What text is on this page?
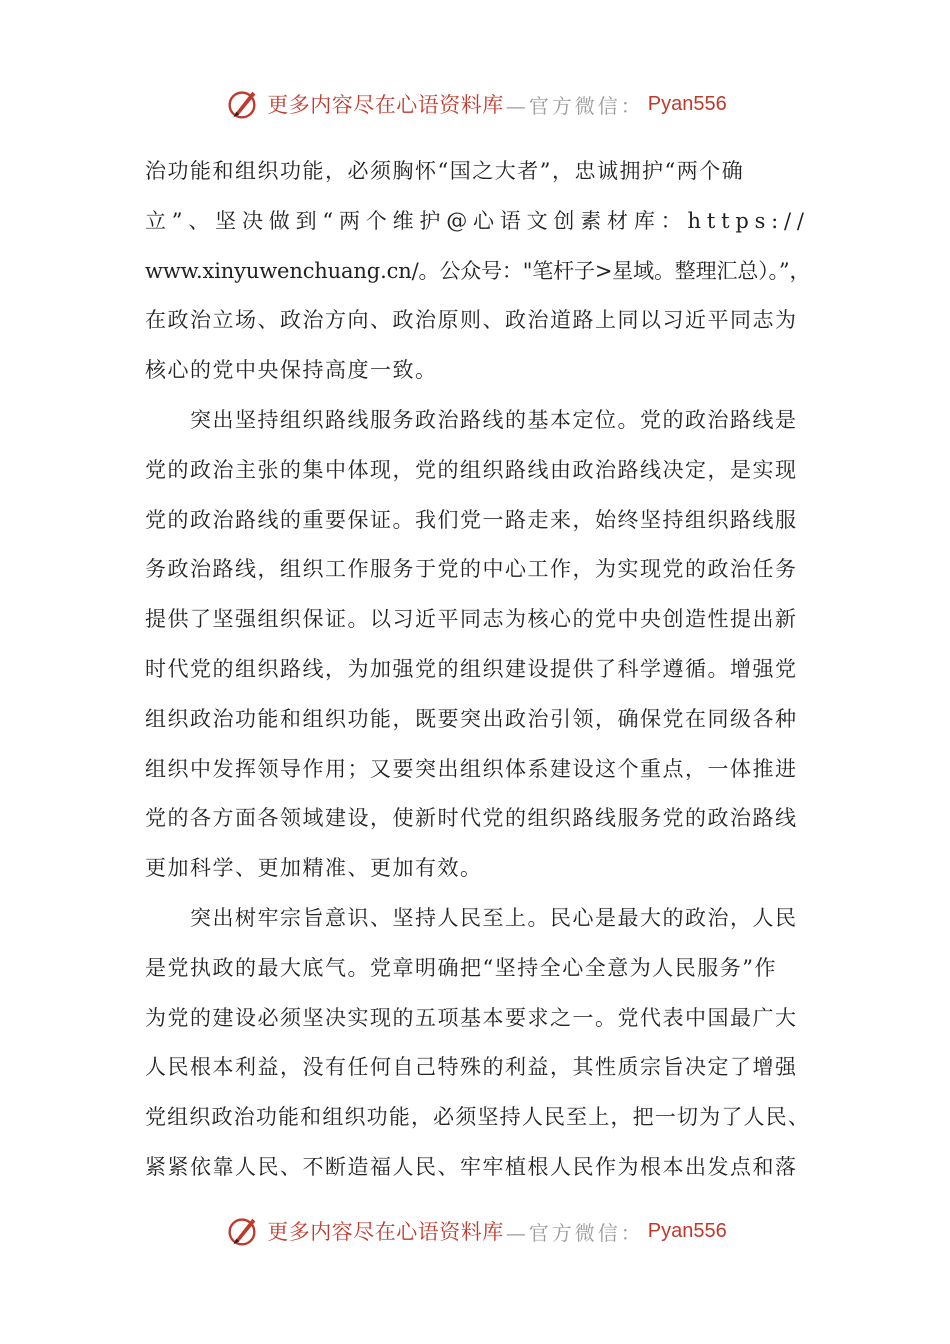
更多内容尽在心语资料库 —官方微信： Pyan556
治功能和组织功能，必须胸怀“国之大者”，忠诚拥护“两个确
立”、坚决做到“两个维护@心语文创素材库：https://
www.xinyuwenchuang.cn/。公众号："笔杆子>星域。整理汇总）。”，
在政治立场、政治方向、政治原则、政治道路上同以习近平同志为
核心的党中央保持高度一致。
　　突出坚持组织路线服务政治路线的基本定位。党的政治路线是
党的政治主张的集中体现，党的组织路线由政治路线决定，是实现
党的政治路线的重要保证。我们党一路走来，始终坚持组织路线服
务政治路线，组织工作服务于党的中心工作，为实现党的政治任务
提供了坚强组织保证。以习近平同志为核心的党中央创造性提出新
时代党的组织路线，为加强党的组织建设提供了科学遵循。增强党
组织政治功能和组织功能，既要突出政治引领，确保党在同级各种
组织中发挥领导作用；又要突出组织体系建设这个重点，一体推进
党的各方面各领域建设，使新时代党的组织路线服务党的政治路线
更加科学、更加精准、更加有效。
　　突出树牢宗旨意识、坚持人民至上。民心是最大的政治，人民
是党执政的最大底气。党章明确把“坚持全心全意为人民服务”作
为党的建设必须坚决实现的五项基本要求之一。党代表中国最广大
人民根本利益，没有任何自己特殊的利益，其性质宗旨决定了增强
党组织政治功能和组织功能，必须坚持人民至上，把一切为了人民、
紧紧依靠人民、不断造福人民、牢牢植根人民作为根本出发点和落
更多内容尽在心语资料库 —官方微信： Pyan556
